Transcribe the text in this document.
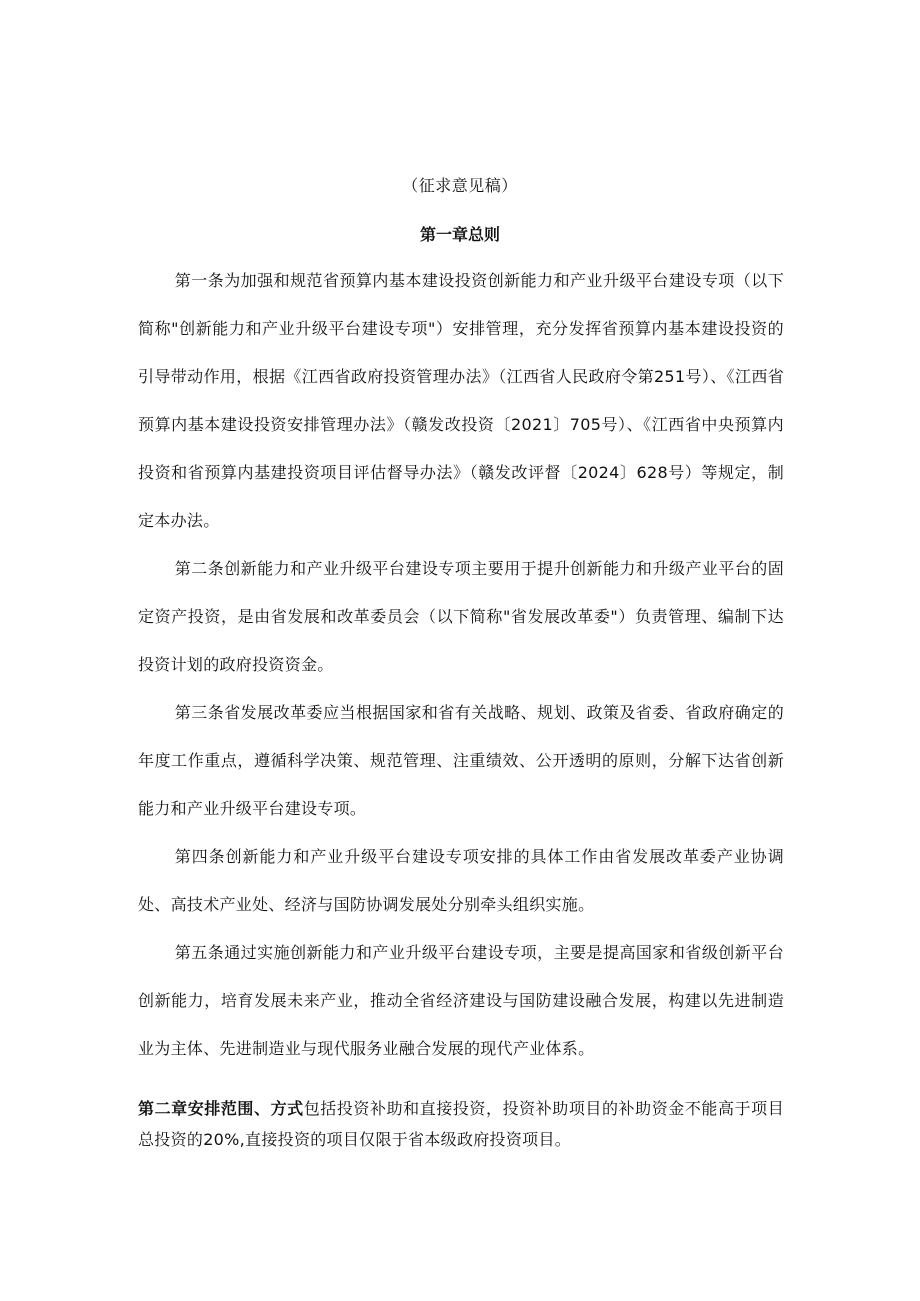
（征求意见稿）
第一章总则

第一条为加强和规范省预算内基本建设投资创新能力和产业升级平台建设专项（以下简称"创新能力和产业升级平台建设专项"）安排管理，充分发挥省预算内基本建设投资的引导带动作用，根据《江西省政府投资管理办法》（江西省人民政府令第251号）、《江西省预算内基本建设投资安排管理办法》（赣发改投资〔2021〕705号）、《江西省中央预算内投资和省预算内基建投资项目评估督导办法》（赣发改评督〔2024〕628号）等规定，制定本办法。

第二条创新能力和产业升级平台建设专项主要用于提升创新能力和升级产业平台的固定资产投资，是由省发展和改革委员会（以下简称"省发展改革委"）负责管理、编制下达投资计划的政府投资资金。

第三条省发展改革委应当根据国家和省有关战略、规划、政策及省委、省政府确定的年度工作重点，遵循科学决策、规范管理、注重绩效、公开透明的原则，分解下达省创新能力和产业升级平台建设专项。

第四条创新能力和产业升级平台建设专项安排的具体工作由省发展改革委产业协调处、高技术产业处、经济与国防协调发展处分别牵头组织实施。

第五条通过实施创新能力和产业升级平台建设专项，主要是提高国家和省级创新平台创新能力，培育发展未来产业，推动全省经济建设与国防建设融合发展，构建以先进制造业为主体、先进制造业与现代服务业融合发展的现代产业体系。

第二章安排范围、方式包括投资补助和直接投资，投资补助项目的补助资金不能高于项目总投资的20%,直接投资的项目仅限于省本级政府投资项目。
